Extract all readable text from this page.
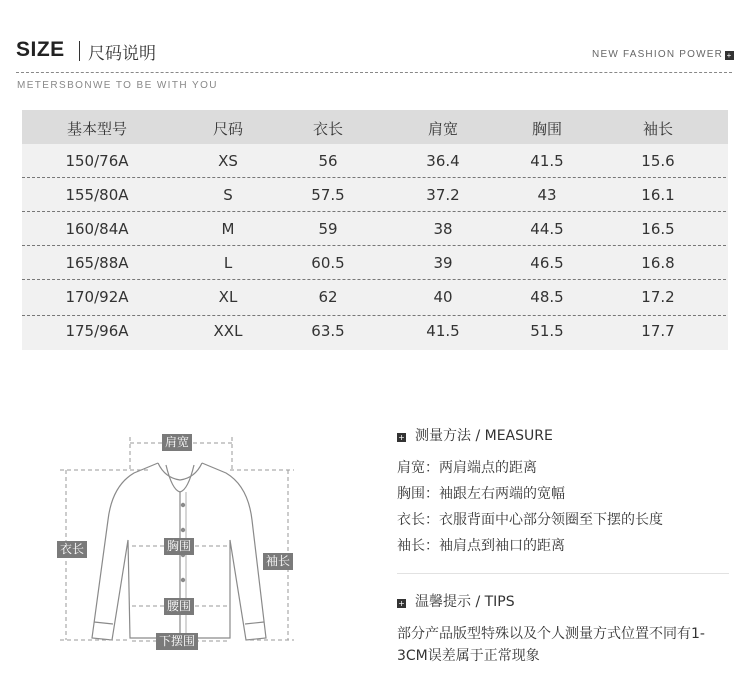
SIZE 尺码说明	NEW FASHION POWER +
METERSBONWE TO BE WITH YOU
基本型号	尺码	衣长	肩宽	胸围	袖长
150/76A	XS	56	36.4	41.5	15.6
155/80A	S	57.5	37.2	43	16.1
160/84A	M	59	38	44.5	16.5
165/88A	L	60.5	39	46.5	16.8
170/92A	XL	62	40	48.5	17.2
175/96A	XXL	63.5	41.5	51.5	17.7
肩宽
衣长	胸围
袖长
腰围
下摆围
+ 测量方法 / MEASURE
肩宽：两肩端点的距离
胸围：袖跟左右两端的宽幅
衣长：衣服背面中心部分领圈至下摆的长度
袖长：袖肩点到袖口的距离
+ 温馨提示 / TIPS
部分产品版型特殊以及个人测量方式位置不同有1-3CM误差属于正常现象
